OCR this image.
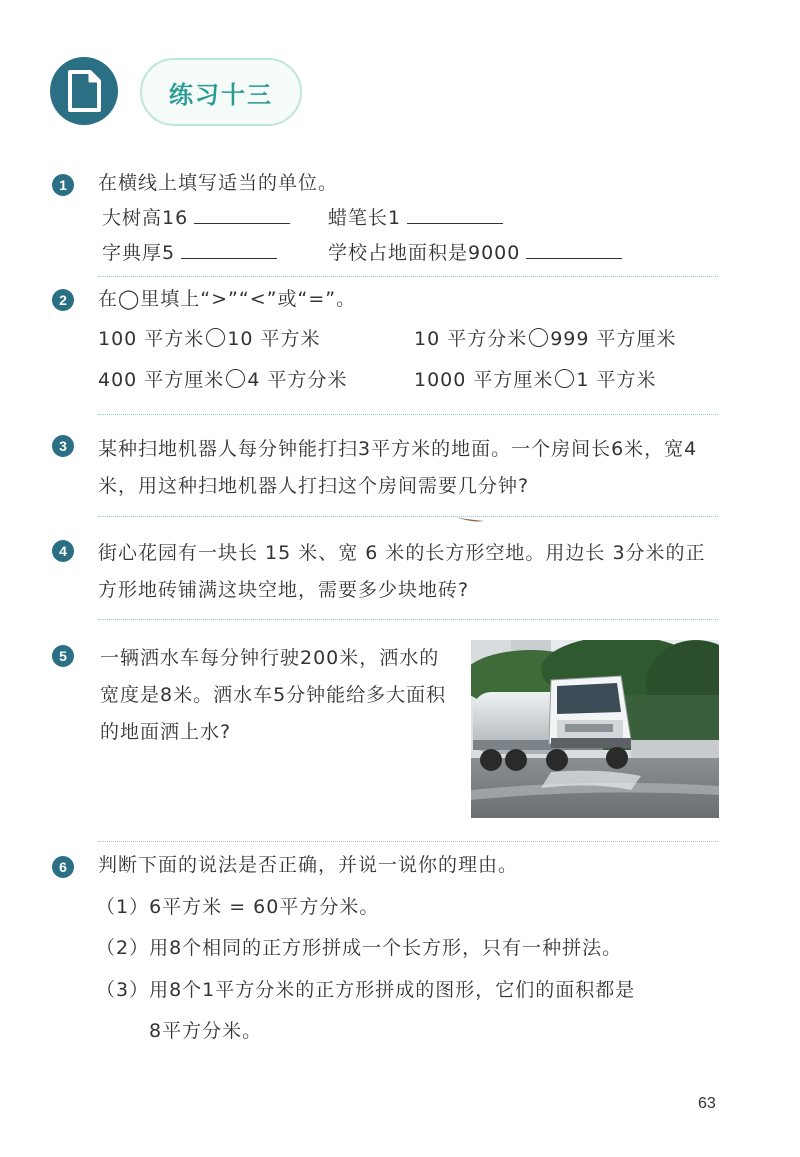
练习十三
1	在横线上填写适当的单位。
大树高16	蜡笔长1
字典厚5	学校占地面积是9000
2	在◯里填上“>”“<”或“=”。
100 平方米 10 平方米	10 平方分米 999 平方厘米
400 平方厘米 4 平方分米	1000 平方厘米 1 平方米
3	某种扫地机器人每分钟能打扫3平方米的地面。一个房间长6米，宽4米，用这种扫地机器人打扫这个房间需要几分钟?
4	街心花园有一块长 15 米、宽 6 米的长方形空地。用边长 3分米的正方形地砖铺满这块空地，需要多少块地砖?
5	一辆洒水车每分钟行驶200米，洒水的宽度是8米。洒水车5分钟能给多大面积的地面洒上水?
6	判断下面的说法是否正确，并说一说你的理由。
（1）6平方米 = 60平方分米。
（2）用8个相同的正方形拼成一个长方形，只有一种拼法。
（3）用8个1平方分米的正方形拼成的图形，它们的面积都是
8平方分米。
63
